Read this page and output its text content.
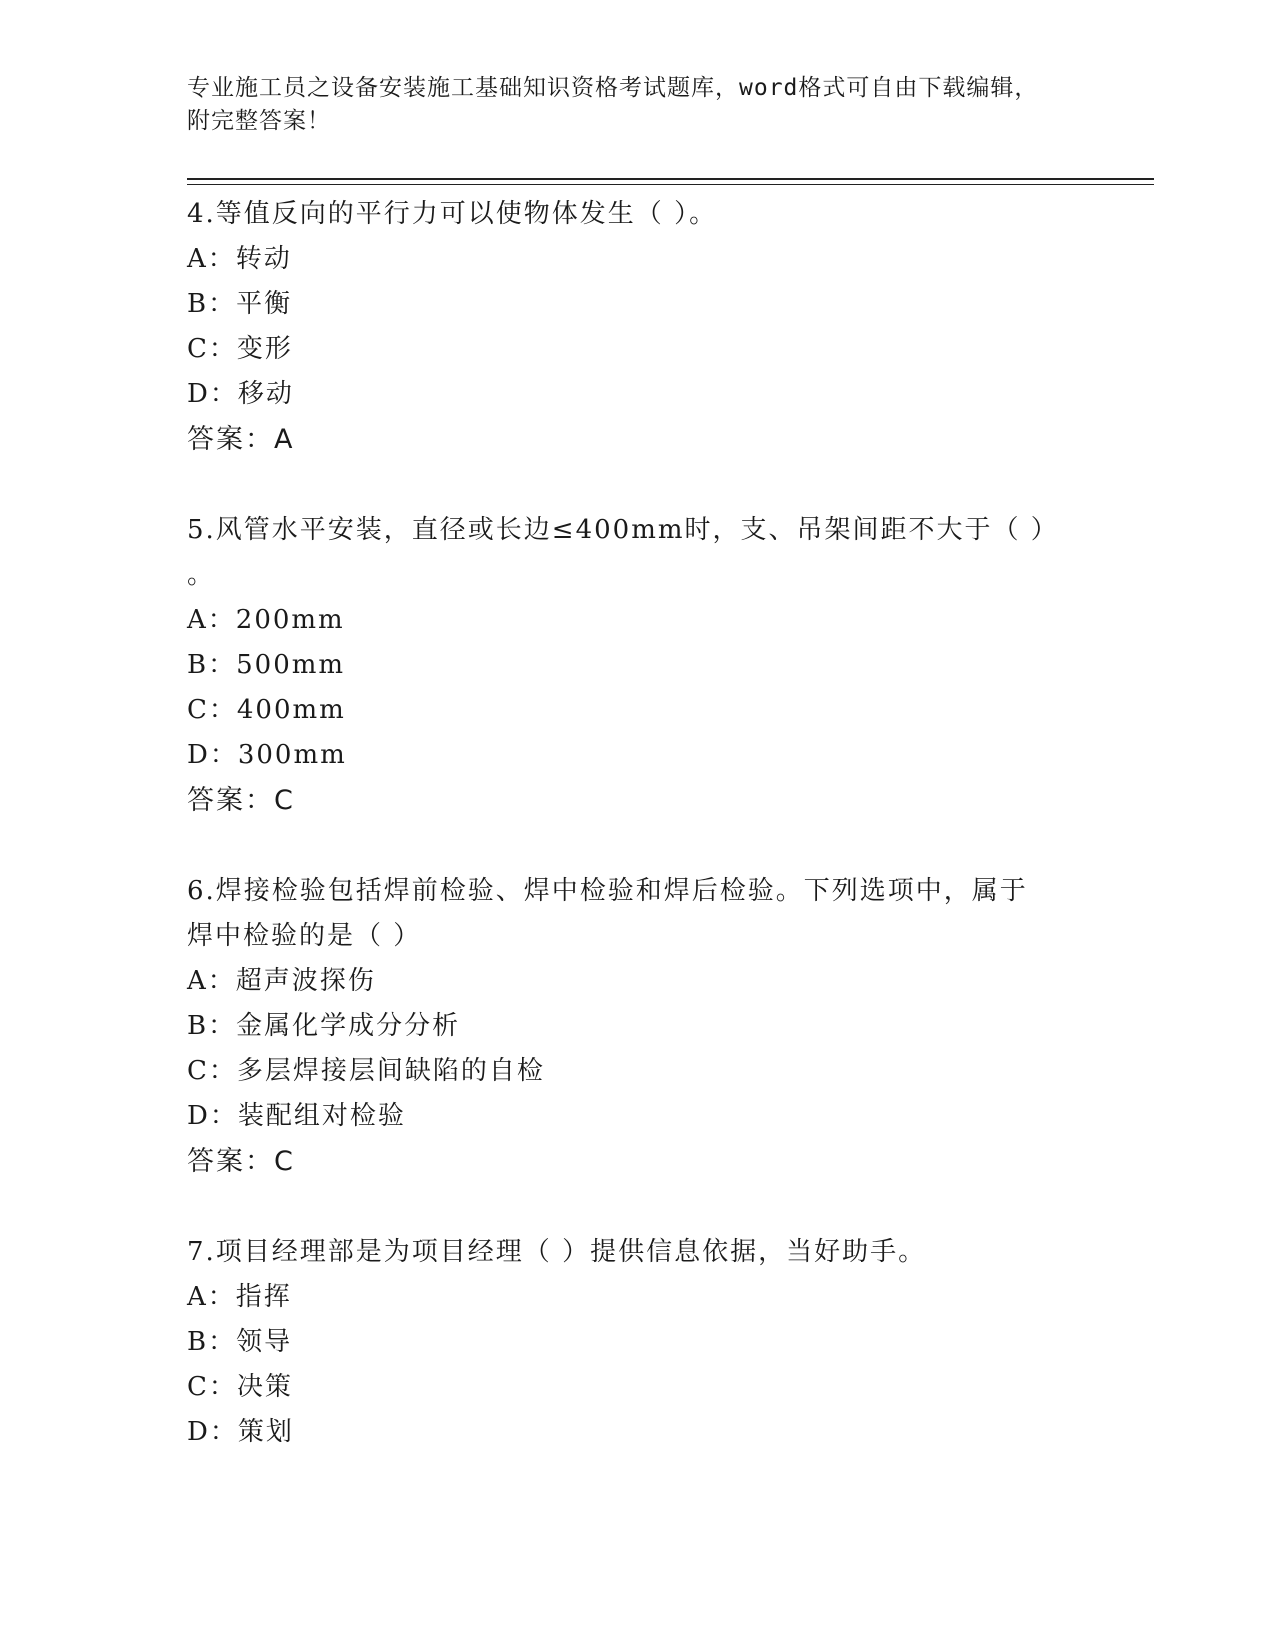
专业施工员之设备安装施工基础知识资格考试题库，word格式可自由下载编辑，
附完整答案！
4.等值反向的平行力可以使物体发生（ ）。
A：转动
B：平衡
C：变形
D：移动
答案：A
5.风管水平安装，直径或长边≤400mm时，支、吊架间距不大于（ ）
。
A：200mm
B：500mm
C：400mm
D：300mm
答案：C
6.焊接检验包括焊前检验、焊中检验和焊后检验。下列选项中，属于
焊中检验的是（ ）
A：超声波探伤
B：金属化学成分分析
C：多层焊接层间缺陷的自检
D：装配组对检验
答案：C
7.项目经理部是为项目经理（ ）提供信息依据，当好助手。
A：指挥
B：领导
C：决策
D：策划
